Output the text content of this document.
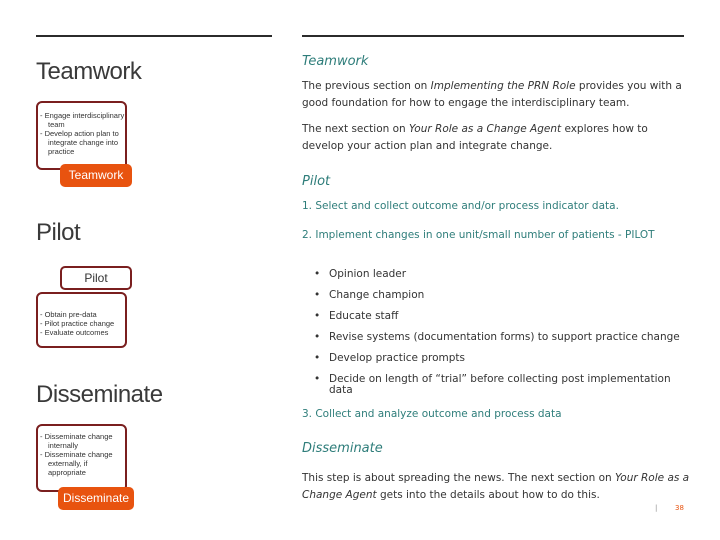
Teamwork
- Engage interdisciplinary team
- Develop action plan to integrate change into practice
Teamwork
Pilot
Pilot
- Obtain pre-data
- Pilot practice change
- Evaluate outcomes
Disseminate
- Disseminate change internally
- Disseminate change externally, if appropriate
Disseminate
Teamwork
The previous section on Implementing the PRN Role provides you with a good foundation for how to engage the interdisciplinary team.
The next section on Your Role as a Change Agent explores how to develop your action plan and integrate change.
Pilot
1. Select and collect outcome and/or process indicator data.
2. Implement changes in one unit/small number of patients - PILOT
• Opinion leader
• Change champion
• Educate staff
• Revise systems (documentation forms) to support practice change
• Develop practice prompts
• Decide on length of “trial” before collecting post implementation data
3. Collect and analyze outcome and process data
Disseminate
This step is about spreading the news. The next section on Your Role as a Change Agent gets into the details about how to do this.
|	38
